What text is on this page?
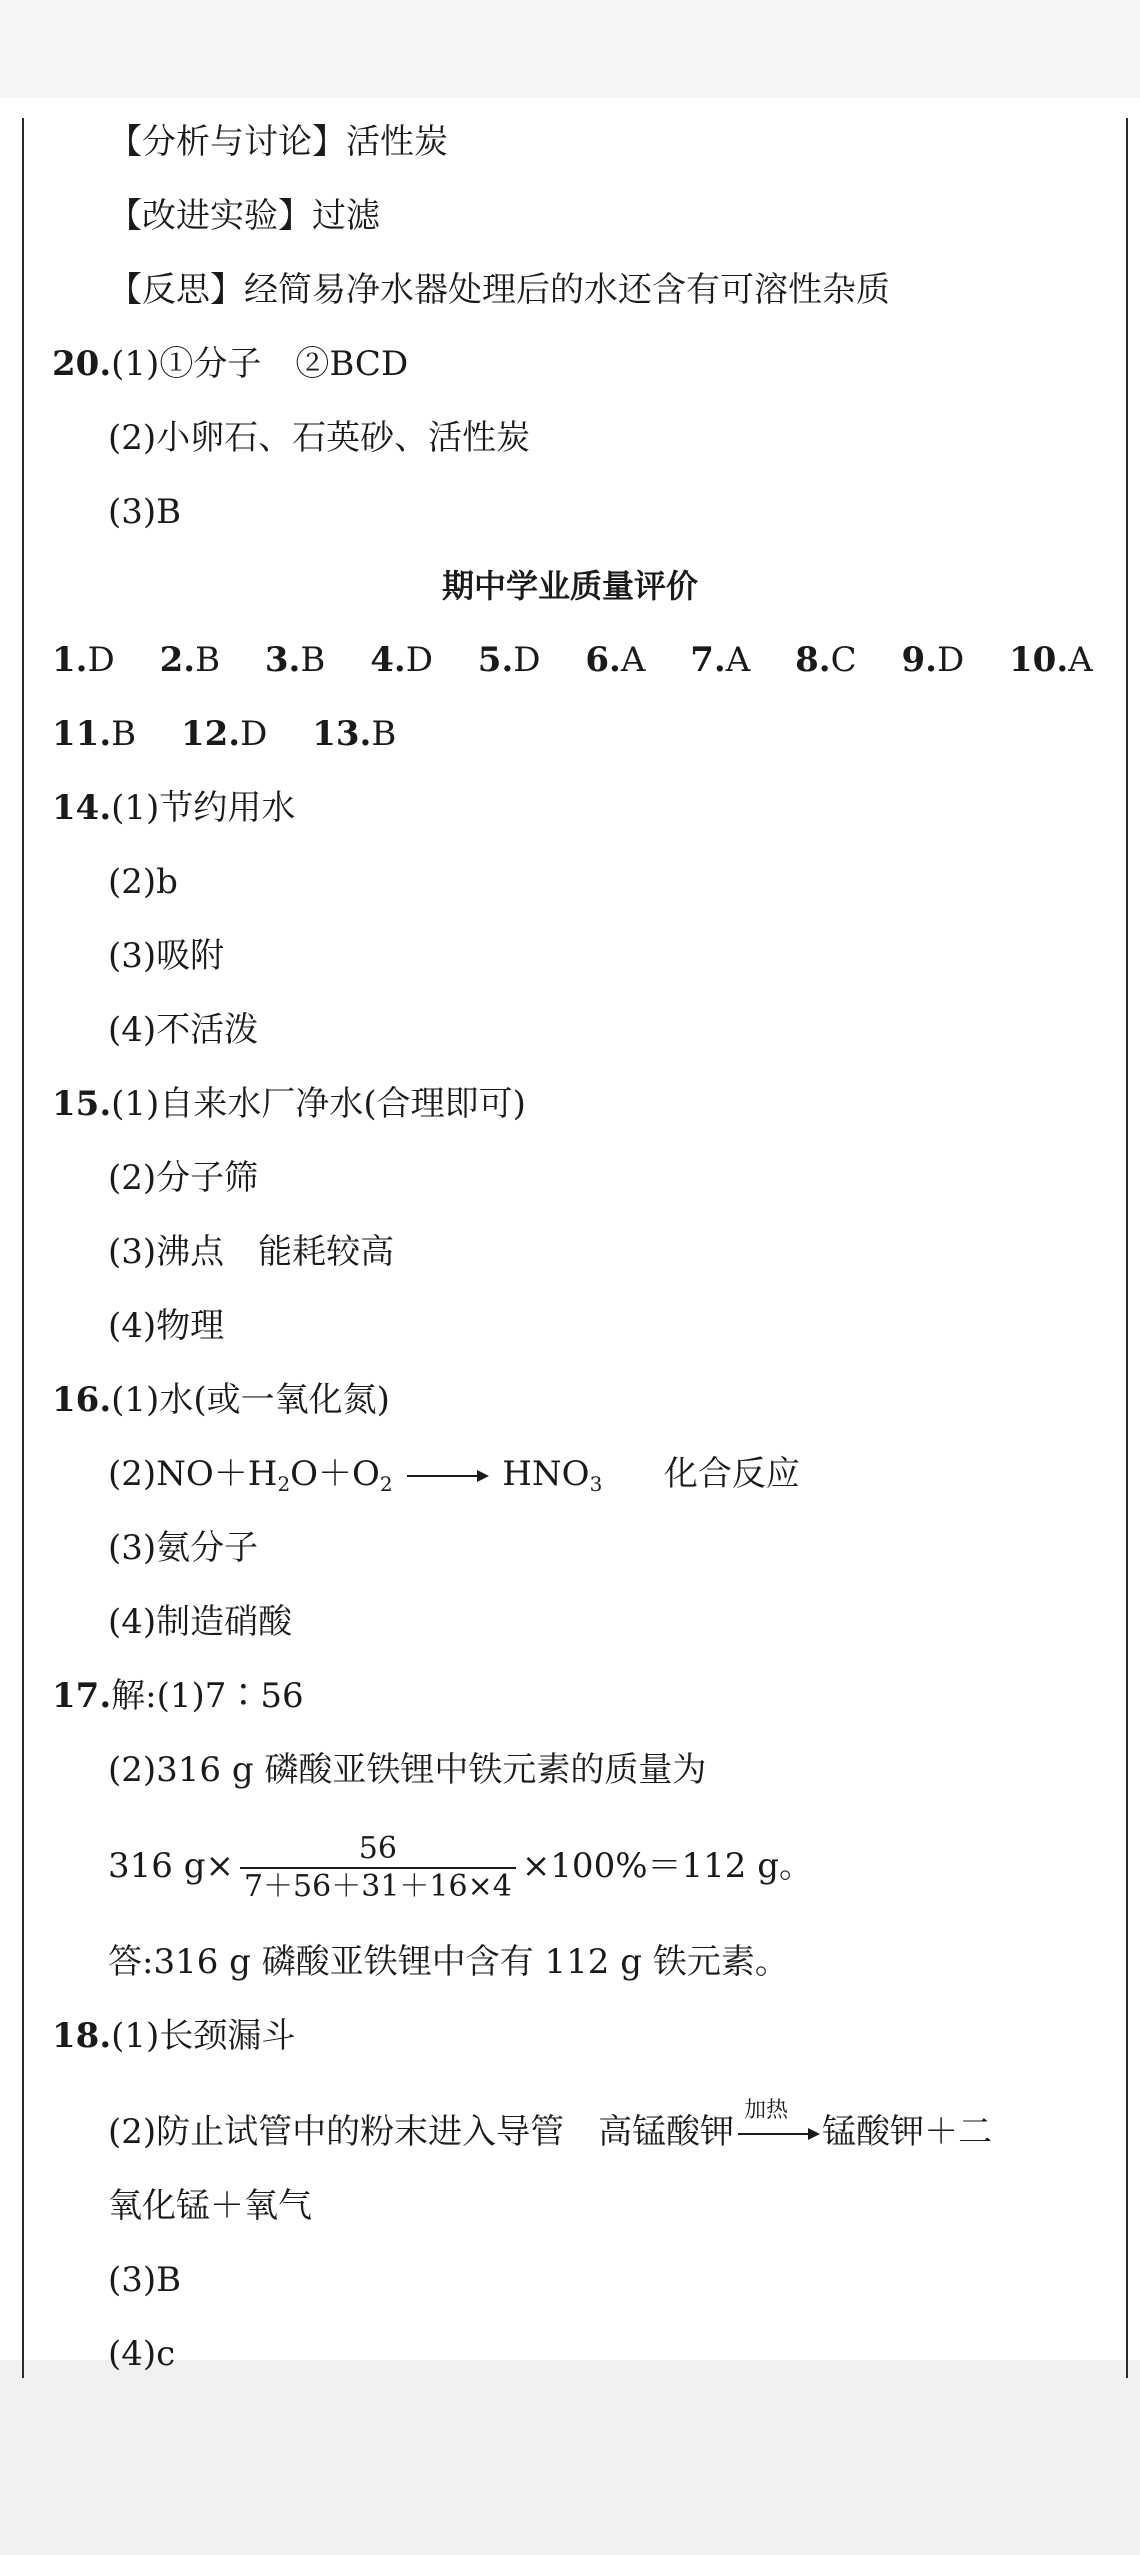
【分析与讨论】活性炭
【改进实验】过滤
【反思】经简易净水器处理后的水还含有可溶性杂质
20.(1)①分子　②BCD
(2)小卵石、石英砂、活性炭
(3)B
期中学业质量评价
1.D 2.B 3.B 4.D 5.D 6.A 7.A 8.C 9.D 10.A
11.B 12.D 13.B
14.(1)节约用水
(2)b
(3)吸附
(4)不活泼
15.(1)自来水厂净水(合理即可)
(2)分子筛
(3)沸点　能耗较高
(4)物理
16.(1)水(或一氧化氮)
$(2)NO+H_2O+O_2 \to HNO_3$ 化合反应
(3)氨分子
(4)制造硝酸
17.解:(1)7∶56
(2)316 g 磷酸亚铁锂中铁元素的质量为
316 $g\times \frac{56}{7+56+31+16\times 4} \times 100\%=112$ g。
答:316 g 磷酸亚铁锂中含有 112 g 铁元素。
18.(1)长颈漏斗
(2)防止试管中的粉末进入导管　高锰酸钾
加热
锰酸钾＋二
氧化锰＋氧气
(3)B
(4)c
